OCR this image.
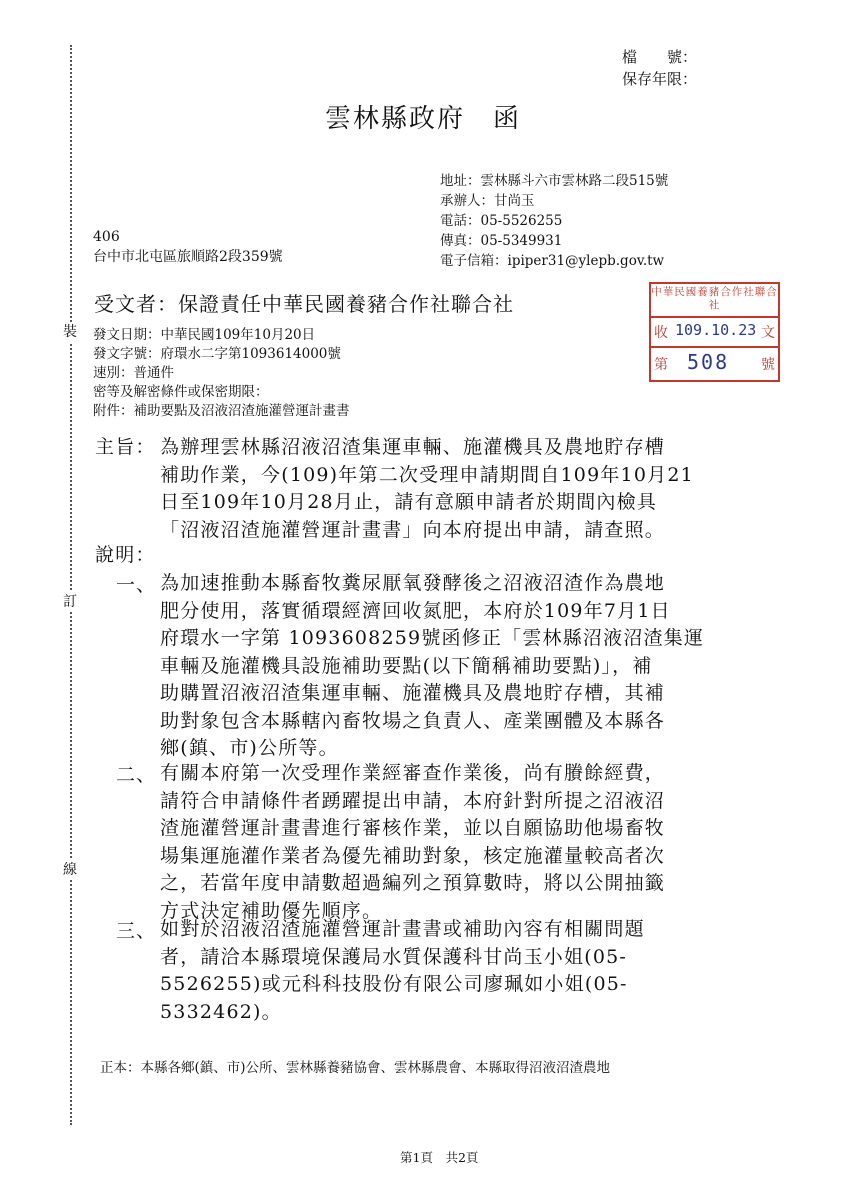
裝
訂
線
檔　　號：
保存年限：
雲林縣政府　函
地址：雲林縣斗六市雲林路二段515號
承辦人：甘尚玉
電話：05-5526255
傳真：05-5349931
電子信箱：ipiper31@ylepb.gov.tw
406
台中市北屯區旅順路2段359號
受文者：保證責任中華民國養豬合作社聯合社	中華民國養豬合作社聯合社
收 109.10.23 文
第 508 號
發文日期：中華民國109年10月20日
發文字號：府環水二字第1093614000號
速別：普通件
密等及解密條件或保密期限：
附件：補助要點及沼液沼渣施灌營運計畫書
主旨： 為辦理雲林縣沼液沼渣集運車輛、施灌機具及農地貯存槽
補助作業，今(109)年第二次受理申請期間自109年10月21
日至109年10月28月止，請有意願申請者於期間內檢具
「沼液沼渣施灌營運計畫書」向本府提出申請，請查照。
說明：
一、 為加速推動本縣畜牧糞尿厭氧發酵後之沼液沼渣作為農地
肥分使用，落實循環經濟回收氮肥，本府於109年7月1日
府環水一字第 1093608259號函修正「雲林縣沼液沼渣集運
車輛及施灌機具設施補助要點(以下簡稱補助要點)」，補
助購置沼液沼渣集運車輛、施灌機具及農地貯存槽，其補
助對象包含本縣轄內畜牧場之負責人、產業團體及本縣各
鄉(鎮、市)公所等。
二、 有關本府第一次受理作業經審查作業後，尚有賸餘經費，
請符合申請條件者踴躍提出申請，本府針對所提之沼液沼
渣施灌營運計畫書進行審核作業，並以自願協助他場畜牧
場集運施灌作業者為優先補助對象，核定施灌量較高者次
之，若當年度申請數超過編列之預算數時，將以公開抽籤
方式決定補助優先順序。
三、 如對於沼液沼渣施灌營運計畫書或補助內容有相關問題
者，請洽本縣環境保護局水質保護科甘尚玉小姐(05-
5526255)或元科科技股份有限公司廖珮如小姐(05-
5332462)。
正本：本縣各鄉(鎮、市)公所、雲林縣養豬協會、雲林縣農會、本縣取得沼液沼渣農地
第1頁　共2頁
